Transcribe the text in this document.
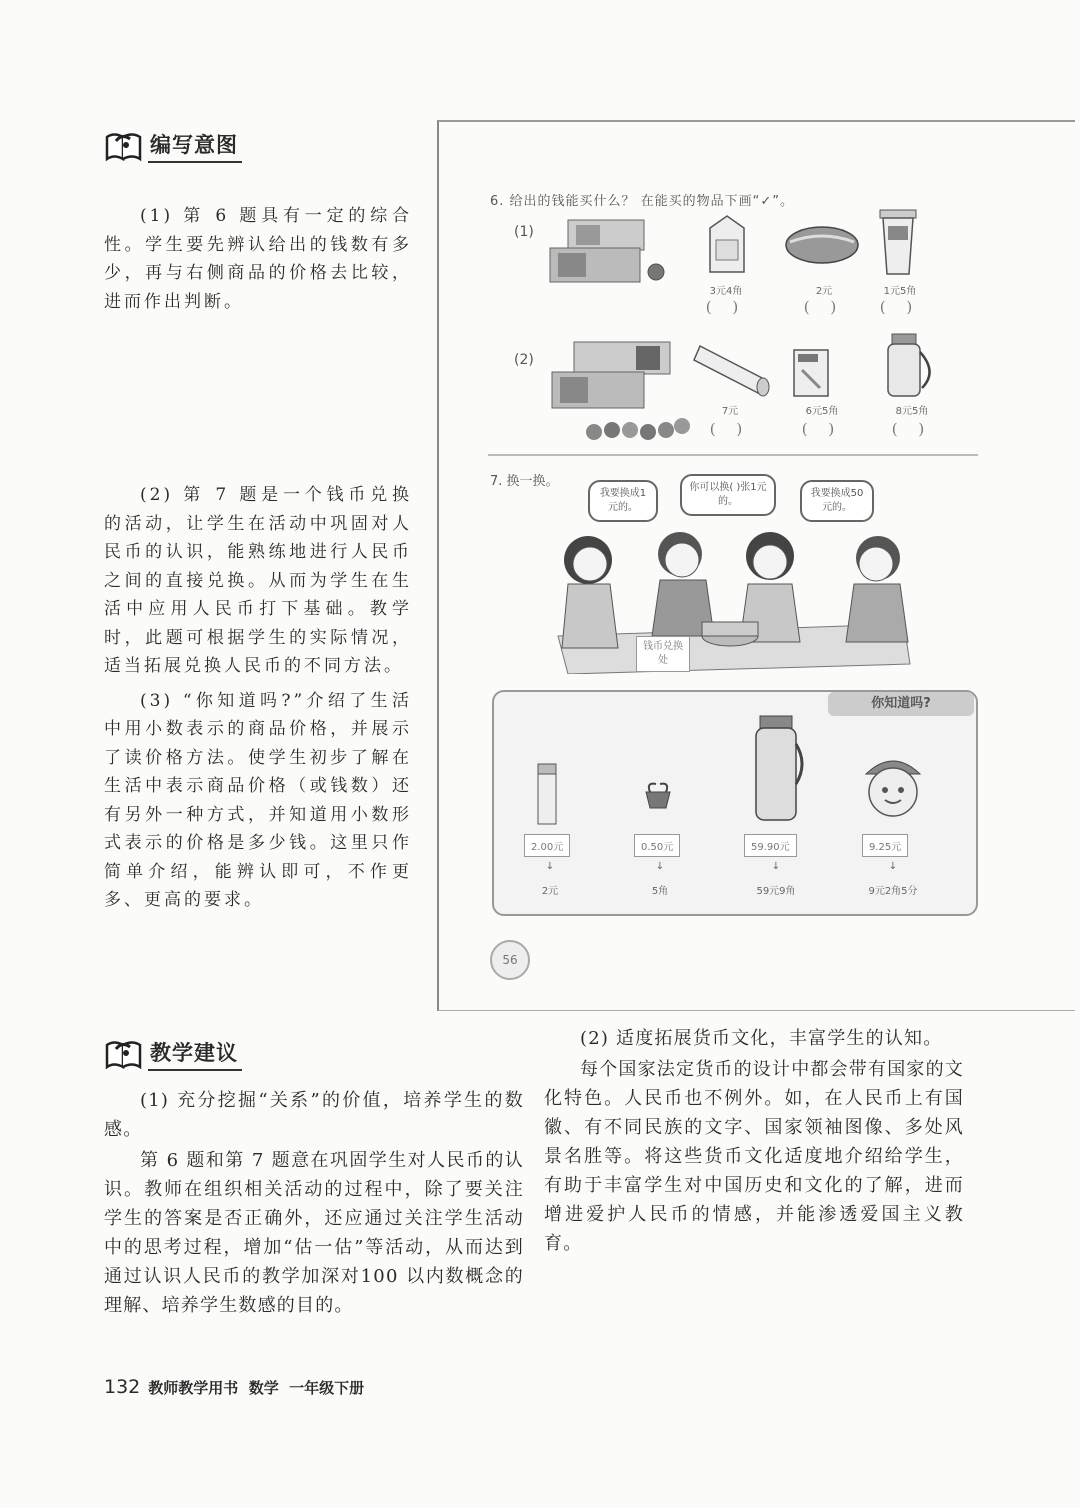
编写意图

(1) 第 6 题具有一定的综合性。学生要先辨认给出的钱数有多少，再与右侧商品的价格去比较，进而作出判断。

(2) 第 7 题是一个钱币兑换的活动，让学生在活动中巩固对人民币的认识，能熟练地进行人民币之间的直接兑换。从而为学生在生活中应用人民币打下基础。教学时，此题可根据学生的实际情况，适当拓展兑换人民币的不同方法。

(3) “你知道吗?”介绍了生活中用小数表示的商品价格，并展示了读价格方法。使学生初步了解在生活中表示商品价格（或钱数）还有另外一种方式，并知道用小数形式表示的价格是多少钱。这里只作简单介绍，能辨认即可，不作更多、更高的要求。

6. 给出的钱能买什么？ 在能买的物品下画“✓”。
(1)
3元4角	2元	1元5角
( )	( )	( )
(2)
7元	6元5角	8元5角
( )	( )	( )
7. 换一换。
我要换成1元的。
你可以换( )张1元的。
我要换成50元的。
钱币兑换处
你知道吗?
2.00元	0.50元	59.90元	9.25元
↓	↓	↓	↓
2元	5角	59元9角	9元2角5分
56
教学建议

(1) 充分挖掘“关系”的价值，培养学生的数感。

第 6 题和第 7 题意在巩固学生对人民币的认识。教师在组织相关活动的过程中，除了要关注学生的答案是否正确外，还应通过关注学生活动中的思考过程，增加“估一估”等活动，从而达到通过认识人民币的教学加深对100 以内数概念的理解、培养学生数感的目的。

(2) 适度拓展货币文化，丰富学生的认知。

每个国家法定货币的设计中都会带有国家的文化特色。人民币也不例外。如，在人民币上有国徽、有不同民族的文字、国家领袖图像、多处风景名胜等。将这些货币文化适度地介绍给学生，有助于丰富学生对中国历史和文化的了解，进而增进爱护人民币的情感，并能渗透爱国主义教育。

132 教师教学用书  数学  一年级下册
